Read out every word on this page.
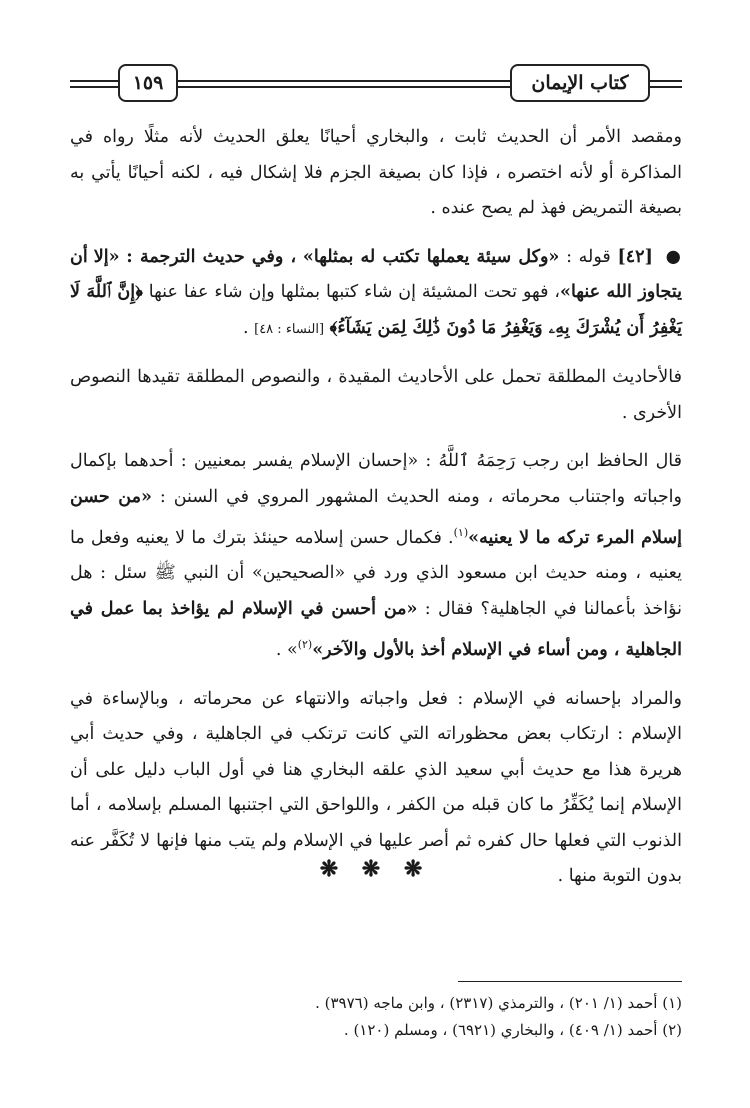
١٥٩	كتاب الإيمان

ومقصد الأمر أن الحديث ثابت ، والبخاري أحيانًا يعلق الحديث لأنه مثلًا رواه في المذاكرة أو لأنه اختصره ، فإذا كان بصيغة الجزم فلا إشكال فيه ، لكنه أحيانًا يأتي به بصيغة التمريض فهذ لم يصح عنده .

● [٤٢] قوله : «وكل سيئة يعملها تكتب له بمثلها» ، وفي حديث الترجمة : «إلا أن يتجاوز الله عنها»، فهو تحت المشيئة إن شاء كتبها بمثلها وإن شاء عفا عنها ﴿إِنَّ ٱللَّهَ لَا يَغْفِرُ أَن يُشْرَكَ بِهِۦ وَيَغْفِرُ مَا دُونَ ذَٰلِكَ لِمَن يَشَآءُ﴾ [النساء : ٤٨] .

فالأحاديث المطلقة تحمل على الأحاديث المقيدة ، والنصوص المطلقة تقيدها النصوص الأخرى .

قال الحافظ ابن رجب رَحِمَهُ ٱللَّهُ : «إحسان الإسلام يفسر بمعنيين : أحدهما بإكمال واجباته واجتناب محرماته ، ومنه الحديث المشهور المروي في السنن : «من حسن إسلام المرء تركه ما لا يعنيه»$^{(١)}$. فكمال حسن إسلامه حينئذ بترك ما لا يعنيه وفعل ما يعنيه ، ومنه حديث ابن مسعود الذي ورد في «الصحيحين» أن النبي ﷺ سئل : هل نؤاخذ بأعمالنا في الجاهلية؟ فقال : «من أحسن في الإسلام لم يؤاخذ بما عمل في الجاهلية ، ومن أساء في الإسلام أخذ بالأول والآخر»$^{(٢)}$» .

والمراد بإحسانه في الإسلام : فعل واجباته والانتهاء عن محرماته ، وبالإساءة في الإسلام : ارتكاب بعض محظوراته التي كانت ترتكب في الجاهلية ، وفي حديث أبي هريرة هذا مع حديث أبي سعيد الذي علقه البخاري هنا في أول الباب دليل على أن الإسلام إنما يُكَفِّرُ ما كان قبله من الكفر ، واللواحق التي اجتنبها المسلم بإسلامه ، أما الذنوب التي فعلها حال كفره ثم أصر عليها في الإسلام ولم يتب منها فإنها لا تُكَفَّر عنه بدون التوبة منها .

❋ ❋ ❋
(١) أحمد (١/ ٢٠١) ، والترمذي (٢٣١٧) ، وابن ماجه (٣٩٧٦) .
(٢) أحمد (١/ ٤٠٩) ، والبخاري (٦٩٢١) ، ومسلم (١٢٠) .
